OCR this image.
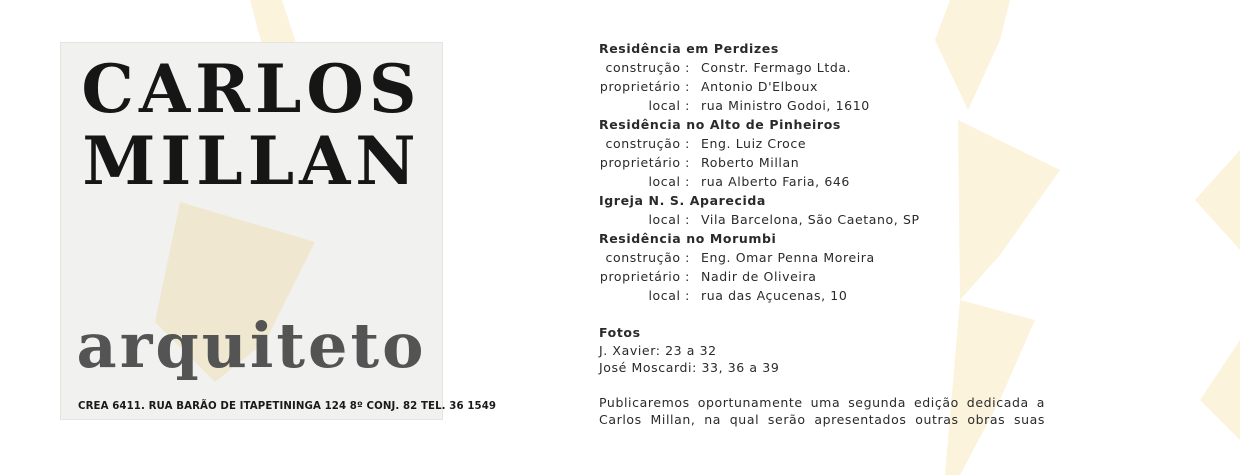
CARLOS
MILLAN
arquiteto
CREA 6411. RUA BARÃO DE ITAPETININGA 124 8º CONJ. 82 TEL. 36 1549
Residência em Perdizes
construção : Constr. Fermago Ltda.
proprietário : Antonio D'Elboux
local : rua Ministro Godoi, 1610
Residência no Alto de Pinheiros
construção : Eng. Luiz Croce
proprietário : Roberto Millan
local : rua Alberto Faria, 646
Igreja N. S. Aparecida
local : Vila Barcelona, São Caetano, SP
Residência no Morumbi
construção : Eng. Omar Penna Moreira
proprietário : Nadir de Oliveira
local : rua das Açucenas, 10
Fotos
J. Xavier: 23 a 32
José Moscardi: 33, 36 a 39
Publicaremos oportunamente uma segunda edição dedicada a
Carlos Millan, na qual serão apresentados outras obras suas
